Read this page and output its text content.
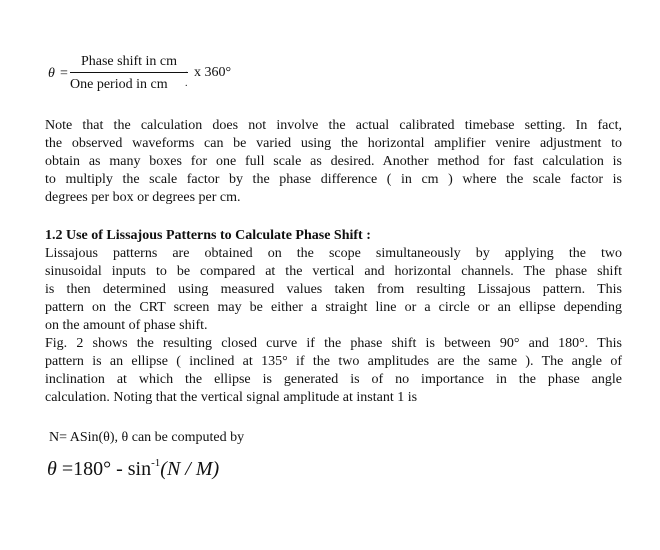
θ =
Phase shift in cm
One period in cm
.
.
x 360°
Note that the calculation does not involve the actual calibrated timebase setting. In fact,
the observed waveforms can be varied using the horizontal amplifier venire adjustment to
obtain as many boxes for one full scale as desired. Another method for fast calculation is
to multiply the scale factor by the phase difference ( in cm ) where the scale factor is
degrees per box or degrees per cm.
1.2 Use of Lissajous Patterns to Calculate Phase Shift :
Lissajous patterns are obtained on the scope simultaneously by applying the two
sinusoidal inputs to be compared at the vertical and horizontal channels. The phase shift
is then determined using measured values taken from resulting Lissajous pattern. This
pattern on the CRT screen may be either a straight line or a circle or an ellipse depending
on the amount of phase shift.
Fig. 2 shows the resulting closed curve if the phase shift is between 90° and 180°. This
pattern is an ellipse ( inclined at 135° if the two amplitudes are the same ). The angle of
inclination at which the ellipse is generated is of no importance in the phase angle
calculation. Noting that the vertical signal amplitude at instant 1 is
N= ASin(θ), θ can be computed by
$\theta =180^\circ - \sin^{-1}(N / M)$
